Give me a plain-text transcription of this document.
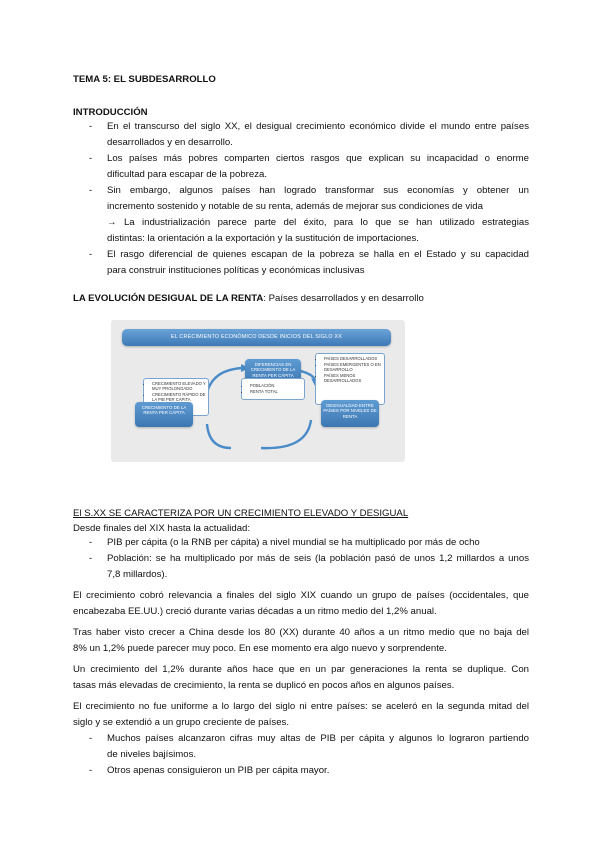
TEMA 5: EL SUBDESARROLLO
INTRODUCCIÓN
- En el transcurso del siglo XX, el desigual crecimiento económico divide el mundo entre países
desarrollados y en desarrollo.
- Los países más pobres comparten ciertos rasgos que explican su incapacidad o enorme
dificultad para escapar de la pobreza.
- Sin embargo, algunos países han logrado transformar sus economías y obtener un
incremento sostenido y notable de su renta, además de mejorar sus condiciones de vida
→ La industrialización parece parte del éxito, para lo que se han utilizado estrategias
distintas: la orientación a la exportación y la sustitución de importaciones.
- El rasgo diferencial de quienes escapan de la pobreza se halla en el Estado y su capacidad
para construir instituciones políticas y económicas inclusivas
LA EVOLUCIÓN DESIGUAL DE LA RENTA: Países desarrollados y en desarrollo
EL CRECIMIENTO ECONÓMICO DESDE INICIOS DEL SIGLO XX
• CRECIMIENTO ELEVADO Y MUY PROLONGADO
• CRECIMIENTO RÁPIDO DE LA PIB PER CÁPITA
CRECIMIENTO DE LA RENTA PER CÁPITA
DIFERENCIAS EN CRECIMIENTO DE LA RENTA PER CÁPITA
• POBLACIÓN
• RENTA TOTAL
• PAÍSES DESARROLLADOS
• PAÍSES EMERGENTES O EN DESARROLLO
• PAÍSES MENOS DESARROLLADOS
DESIGUALDAD ENTRE PAÍSES POR NIVELES DE RENTA
El S.XX SE CARACTERIZA POR UN CRECIMIENTO ELEVADO Y DESIGUAL
Desde finales del XIX hasta la actualidad:
- PIB per cápita (o la RNB per cápita) a nivel mundial se ha multiplicado por más de ocho
- Población: se ha multiplicado por más de seis (la población pasó de unos 1,2 millardos a unos
7,8 millardos).
El crecimiento cobró relevancia a finales del siglo XIX cuando un grupo de países (occidentales, que
encabezaba EE.UU.) creció durante varias décadas a un ritmo medio del 1,2% anual.
Tras haber visto crecer a China desde los 80 (XX) durante 40 años a un ritmo medio que no baja del
8% un 1,2% puede parecer muy poco. En ese momento era algo nuevo y sorprendente.
Un crecimiento del 1,2% durante años hace que en un par generaciones la renta se duplique. Con
tasas más elevadas de crecimiento, la renta se duplicó en pocos años en algunos países.
El crecimiento no fue uniforme a lo largo del siglo ni entre países: se aceleró en la segunda mitad del
siglo y se extendió a un grupo creciente de países.
- Muchos países alcanzaron cifras muy altas de PIB per cápita y algunos lo lograron partiendo
de niveles bajísimos.
- Otros apenas consiguieron un PIB per cápita mayor.
